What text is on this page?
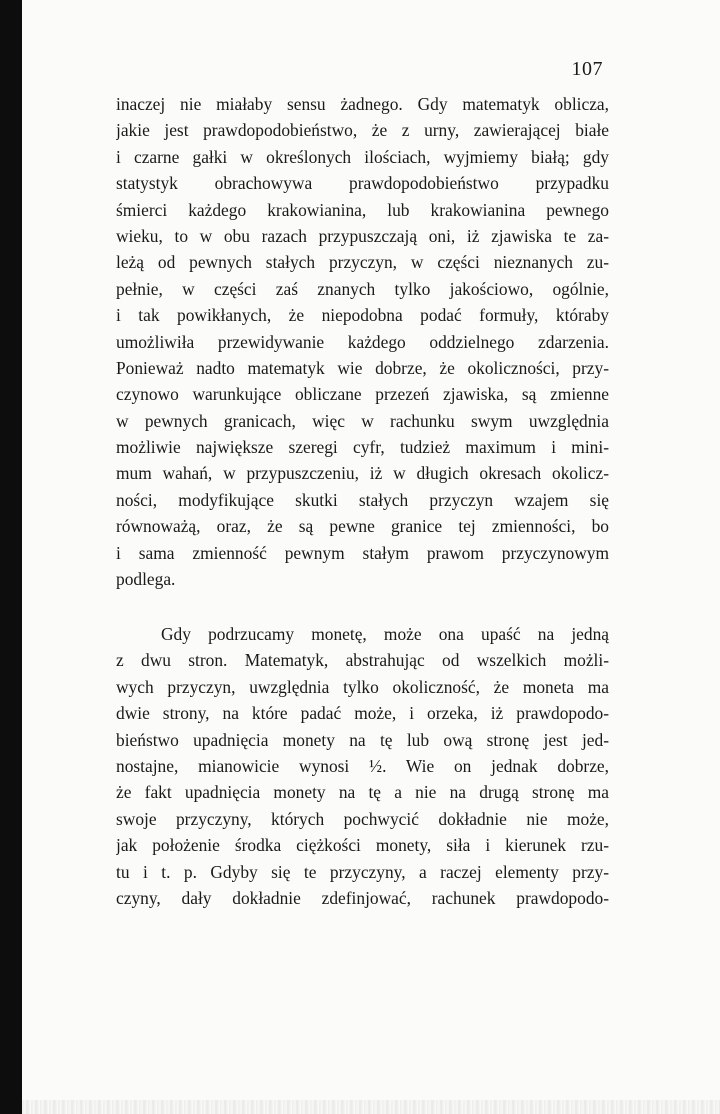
107
inaczej nie miałaby sensu żadnego. Gdy matematyk oblicza,
jakie jest prawdopodobieństwo, że z urny, zawierającej białe
i czarne gałki w określonych ilościach, wyjmiemy białą; gdy
statystyk obrachowywa prawdopodobieństwo przypadku
śmierci każdego krakowianina, lub krakowianina pewnego
wieku, to w obu razach przypuszczają oni, iż zjawiska te za-
leżą od pewnych stałych przyczyn, w części nieznanych zu-
pełnie, w części zaś znanych tylko jakościowo, ogólnie,
i tak powikłanych, że niepodobna podać formuły, któraby
umożliwiła przewidywanie każdego oddzielnego zdarzenia.
Ponieważ nadto matematyk wie dobrze, że okoliczności, przy-
czynowo warunkujące obliczane przezeń zjawiska, są zmienne
w pewnych granicach, więc w rachunku swym uwzględnia
możliwie największe szeregi cyfr, tudzież maximum i mini-
mum wahań, w przypuszczeniu, iż w długich okresach okolicz-
ności, modyfikujące skutki stałych przyczyn wzajem się
równoważą, oraz, że są pewne granice tej zmienności, bo
i sama zmienność pewnym stałym prawom przyczynowym
podlega.
Gdy podrzucamy monetę, może ona upaść na jedną
z dwu stron. Matematyk, abstrahując od wszelkich możli-
wych przyczyn, uwzględnia tylko okoliczność, że moneta ma
dwie strony, na które padać może, i orzeka, iż prawdopodo-
bieństwo upadnięcia monety na tę lub ową stronę jest jed-
nostajne, mianowicie wynosi ½. Wie on jednak dobrze,
że fakt upadnięcia monety na tę a nie na drugą stronę ma
swoje przyczyny, których pochwycić dokładnie nie może,
jak położenie środka ciężkości monety, siła i kierunek rzu-
tu i t. p. Gdyby się te przyczyny, a raczej elementy przy-
czyny, dały dokładnie zdefinjować, rachunek prawdopodo-
